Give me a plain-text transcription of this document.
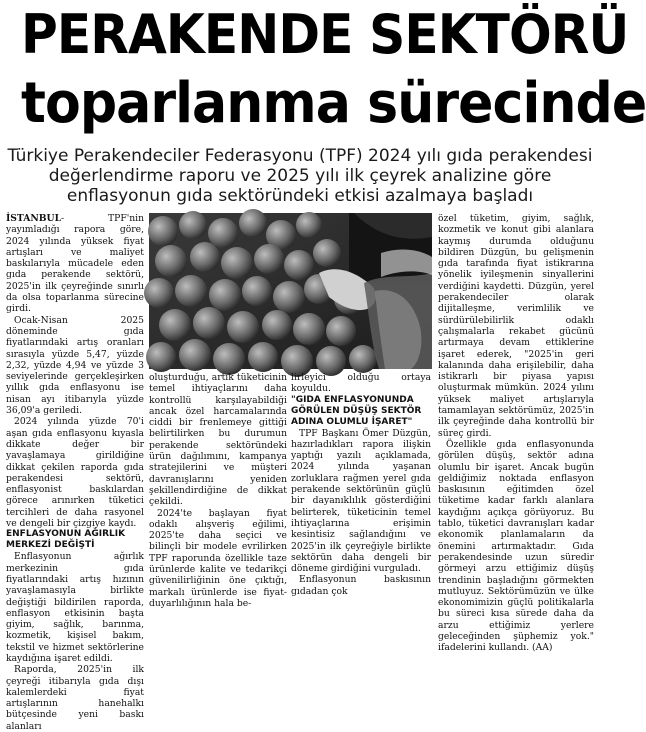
PERAKENDE SEKTÖRÜ
toparlanma sürecinde
Türkiye Perakendeciler Federasyonu (TPF) 2024 yılı gıda perakendesi değerlendirme raporu ve 2025 yılı ilk çeyrek analizine göre enflasyonun gıda sektöründeki etkisi azalmaya başladı

İSTANBUL- TPF'nin yayımladığı rapora göre, 2024 yılında yüksek fiyat artışları ve maliyet baskılarıyla mücadele eden gıda perakende sektörü, 2025'in ilk çeyreğinde sınırlı da olsa toparlanma sürecine girdi.

Ocak-Nisan 2025 döneminde gıda fiyatlarındaki artış oranları sırasıyla yüzde 5,47, yüzde 2,32, yüzde 4,94 ve yüzde 3 seviyelerinde gerçekleşirken yıllık gıda enflasyonu ise nisan ayı itibarıyla yüzde 36,09'a geriledi.

2024 yılında yüzde 70'i aşan gıda enflasyonu kıyasla dikkate değer bir yavaşlamaya girildiğine dikkat çekilen raporda gıda perakendesi sektörü, enflasyonist baskılardan görece arınırken tüketici tercihleri de daha rasyonel ve dengeli bir çizgiye kaydı.

ENFLASYONUN AĞIRLIK MERKEZİ DEĞİŞTİ

Enflasyonun ağırlık merkezinin gıda fiyatlarındaki artış hızının yavaşlamasıyla birlikte değiştiği bildirilen raporda, enflasyon etkisinin başta giyim, sağlık, barınma, kozmetik, kişisel bakım, tekstil ve hizmet sektörlerine kaydığına işaret edildi.

Raporda, 2025'in ilk çeyreği itibarıyla gıda dışı kalemlerdeki fiyat artışlarının hanehalkı bütçesinde yeni baskı alanları

oluşturduğu, artık tüketicinin temel ihtiyaçlarını daha kontrollü karşılayabildiği ancak özel harcamalarında ciddi bir frenlemeye gittiği belirtilirken bu durumun perakende sektöründeki ürün dağılımını, kampanya stratejilerini ve müşteri davranışlarını yeniden şekillendirdiğine de dikkat çekildi.

2024'te başlayan fiyat odaklı alışveriş eğilimi, 2025'te daha seçici ve bilinçli bir modele evrilirken TPF raporunda özellikle taze ürünlerde kalite ve tedarikçi güvenilirliğinin öne çıktığı, markalı ürünlerde ise fiyat-duyarlılığının hala be-

lirleyici olduğu ortaya koyuldu.

"GIDA ENFLASYONUNDA GÖRÜLEN DÜŞÜŞ SEKTÖR ADINA OLUMLU İŞARET"

TPF Başkanı Ömer Düzgün, hazırladıkları rapora ilişkin yaptığı yazılı açıklamada, 2024 yılında yaşanan zorluklara rağmen yerel gıda perakende sektörünün güçlü bir dayanıklılık gösterdiğini belirterek, tüketicinin temel ihtiyaçlarına erişimin kesintisiz sağlandığını ve 2025'in ilk çeyreğiyle birlikte sektörün daha dengeli bir döneme girdiğini vurguladı.

Enflasyonun baskısının gıdadan çok

özel tüketim, giyim, sağlık, kozmetik ve konut gibi alanlara kaymış durumda olduğunu bildiren Düzgün, bu gelişmenin gıda tarafında fiyat istikrarına yönelik iyileşmenin sinyallerini verdiğini kaydetti. Düzgün, yerel perakendeciler olarak dijitalleşme, verimlilik ve sürdürülebilirlik odaklı çalışmalarla rekabet gücünü artırmaya devam ettiklerine işaret ederek, "2025'in geri kalanında daha erişilebilir, daha istikrarlı bir piyasa yapısı oluşturmak mümkün. 2024 yılını yüksek maliyet artışlarıyla tamamlayan sektörümüz, 2025'in ilk çeyreğinde daha kontrollü bir süreç girdi.

Özellikle gıda enflasyonunda görülen düşüş, sektör adına olumlu bir işaret. Ancak bugün geldiğimiz noktada enflasyon baskısının eğitimden özel tüketime kadar farklı alanlara kaydığını açıkça görüyoruz. Bu tablo, tüketici davranışları kadar ekonomik planlamaların da önemini artırmaktadır. Gıda perakendesinde uzun süredir görmeyi arzu ettiğimiz düşüş trendinin başladığını görmekten mutluyuz. Sektörümüzün ve ülke ekonomimizin güçlü politikalarla bu süreci kısa sürede daha da arzu ettiğimiz yerlere geleceğinden şüphemiz yok." ifadelerini kullandı. (AA)
